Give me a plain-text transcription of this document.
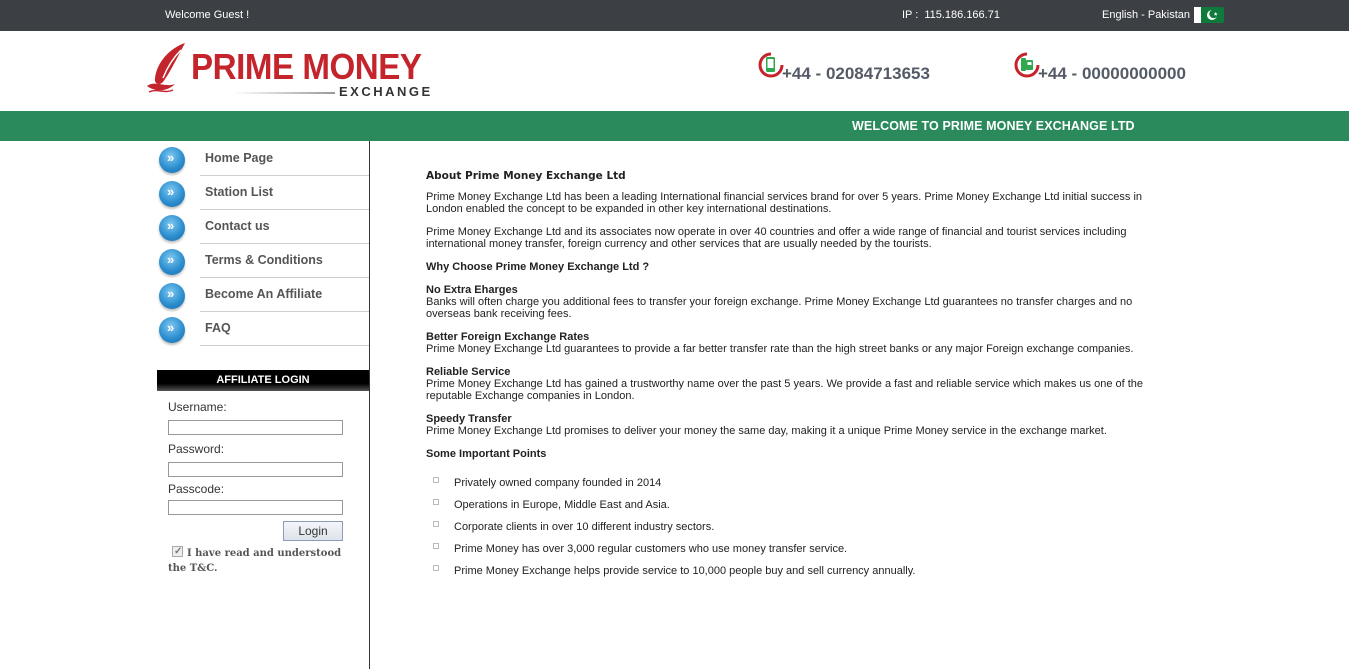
Welcome Guest !	IP : 115.186.166.71	English - Pakistan
PRIME MONEY
EXCHANGE
+44 - 02084713653	+44 - 00000000000
WELCOME TO PRIME MONEY EXCHANGE LTD
»
Home Page
»
Station List
»
Contact us
»
Terms & Conditions
»
Become An Affiliate
»
FAQ
AFFILIATE LOGIN
Username:
Password:
Passcode:
Login
✓I have read and understood the T&C.
About Prime Money Exchange Ltd

Prime Money Exchange Ltd has been a leading International financial services brand for over 5 years. Prime Money Exchange Ltd initial success in London enabled the concept to be expanded in other key international destinations.

Prime Money Exchange Ltd and its associates now operate in over 40 countries and offer a wide range of financial and tourist services including international money transfer, foreign currency and other services that are usually needed by the tourists.

Why Choose Prime Money Exchange Ltd ?
No Extra Eharges
Banks will often charge you additional fees to transfer your foreign exchange. Prime Money Exchange Ltd guarantees no transfer charges and no overseas bank receiving fees.
Better Foreign Exchange Rates
Prime Money Exchange Ltd guarantees to provide a far better transfer rate than the high street banks or any major Foreign exchange companies.
Reliable Service
Prime Money Exchange Ltd has gained a trustworthy name over the past 5 years. We provide a fast and reliable service which makes us one of the reputable Exchange companies in London.
Speedy Transfer
Prime Money Exchange Ltd promises to deliver your money the same day, making it a unique Prime Money service in the exchange market.
Some Important Points
Privately owned company founded in 2014
Operations in Europe, Middle East and Asia.
Corporate clients in over 10 different industry sectors.
Prime Money has over 3,000 regular customers who use money transfer service.
Prime Money Exchange helps provide service to 10,000 people buy and sell currency annually.
